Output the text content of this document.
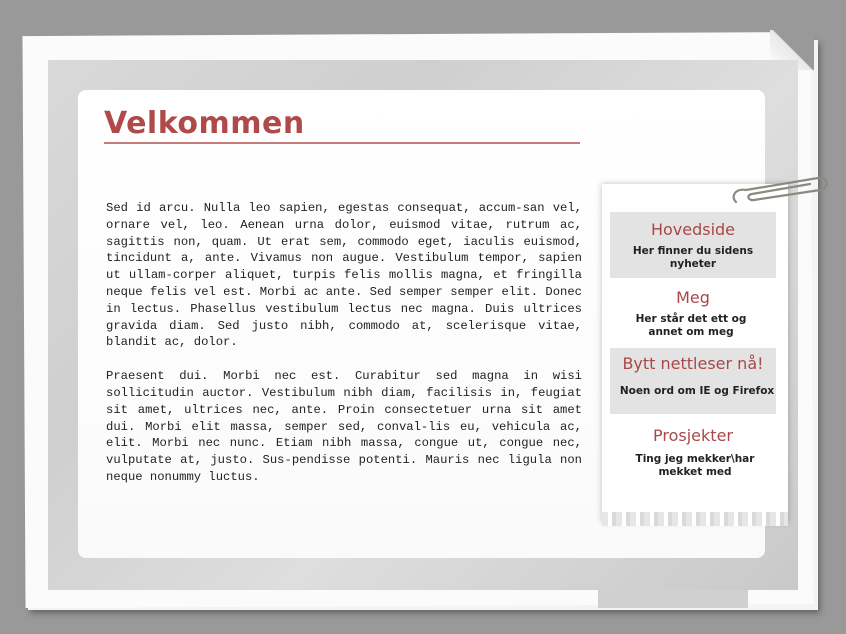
Velkommen

Sed id arcu. Nulla leo sapien, egestas consequat, accum-san vel, ornare vel, leo. Aenean urna dolor, euismod vitae, rutrum ac, sagittis non, quam. Ut erat sem, commodo eget, iaculis euismod, tincidunt a, ante. Vivamus non augue. Vestibulum tempor, sapien ut ullam-corper aliquet, turpis felis mollis magna, et fringilla neque felis vel est. Morbi ac ante. Sed semper semper elit. Donec in lectus. Phasellus vestibulum lectus nec magna. Duis ultrices gravida diam. Sed justo nibh, commodo at, scelerisque vitae, blandit ac, dolor.

Praesent dui. Morbi nec est. Curabitur sed magna in wisi sollicitudin auctor. Vestibulum nibh diam, facilisis in, feugiat sit amet, ultrices nec, ante. Proin consectetuer urna sit amet dui. Morbi elit massa, semper sed, conval-lis eu, vehicula ac, elit. Morbi nec nunc. Etiam nibh massa, congue ut, congue nec, vulputate at, justo. Sus-pendisse potenti. Mauris nec ligula non neque nonummy luctus.

Hovedside
Her finner du sidens nyheter
Meg
Her står det ett og annet om meg
Bytt nettleser nå!
Noen ord om IE og Firefox
Prosjekter
Ting jeg mekker\har mekket med
